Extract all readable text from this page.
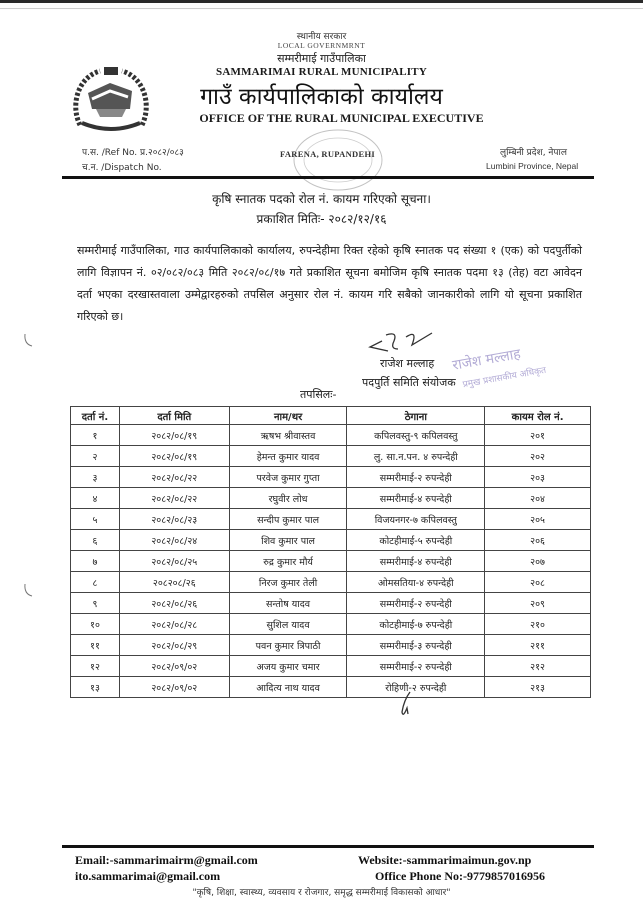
स्थानीय सरकार
LOCAL GOVERNMRNT
सम्मरीमाई गाउँपालिका
SAMMARIMAI RURAL MUNICIPALITY
गाउँ कार्यपालिकाको कार्यालय
OFFICE OF THE RURAL MUNICIPAL EXECUTIVE
प.स. /Ref No. प्र.२०८२/०८३
च.न. /Dispatch No.
लुम्बिनी प्रदेश, नेपाल
Lumbini Province, Nepal
FARENA, RUPANDEHI
कृषि स्नातक पदको रोल नं. कायम गरिएको सूचना।
प्रकाशित मितिः- २०८२/१२/१६
सम्मरीमाई गाउँपालिका, गाउ कार्यपालिकाको कार्यालय, रुपन्देहीमा रिक्त रहेको कृषि स्नातक पद संख्या १ (एक) को पदपुर्तीको लागि विज्ञापन नं. ०२/०८२/०८३ मिति २०८२/०८/१७ गते प्रकाशित सूचना बमोजिम कृषि स्नातक पदमा १३ (तेह) वटा आवेदन दर्ता भएका दरखास्तवाला उम्मेद्वारहरुको तपसिल अनुसार रोल नं. कायम गरि सबैको जानकारीको लागि यो सूचना प्रकाशित गरिएको छ।
राजेश मल्लाह
पदपुर्ति समिति संयोजक
राजेश मल्लाह
प्रमुख प्रशासकीय अधिकृत
तपसिलः-
दर्ता नं.	दर्ता मिति	नाम/थर	ठेगाना	कायम रोल नं.
१	२०८२/०८/१९	ऋषभ श्रीवास्तव	कपिलवस्तु-९ कपिलवस्तु	२०१
२	२०८२/०८/१९	हेमन्त कुमार यादव	लु. सा.न.पन. ४ रुपन्देही	२०२
३	२०८२/०८/२२	परवेज कुमार गुप्ता	सम्मरीमाई-२ रुपन्देही	२०३
४	२०८२/०८/२२	रघुवीर लोध	सम्मरीमाई-४ रुपन्देही	२०४
५	२०८२/०८/२३	सन्दीप कुमार पाल	विजयनगर-७ कपिलवस्तु	२०५
६	२०८२/०८/२४	शिव कुमार पाल	कोटहीमाई-५ रुपन्देही	२०६
७	२०८२/०८/२५	रुद्र कुमार मौर्य	सम्मरीमाई-४ रुपन्देही	२०७
८	२०८२०८/२६	निरज कुमार तेली	ओमसतिया-४ रुपन्देही	२०८
९	२०८२/०८/२६	सन्तोष यादव	सम्मरीमाई-२ रुपन्देही	२०९
१०	२०८२/०८/२८	सुशिल यादव	कोटहीमाई-७ रुपन्देही	२१०
११	२०८२/०८/२९	पवन कुमार त्रिपाठी	सम्मरीमाई-३ रुपन्देही	२११
१२	२०८२/०९/०२	अजय कुमार चमार	सम्मरीमाई-२ रुपन्देही	२१२
१३	२०८२/०९/०२	आदित्य नाथ यादव	रोहिणी-२ रुपन्देही	२१३
Email:-sammarimairm@gmail.com
ito.sammarimai@gmail.com
Website:-sammarimaimun.gov.np
Office Phone No:-9779857016956
"कृषि, शिक्षा, स्वास्थ्य, व्यवसाय र रोजगार, समृद्ध सम्मरीमाई विकासको आधार"
